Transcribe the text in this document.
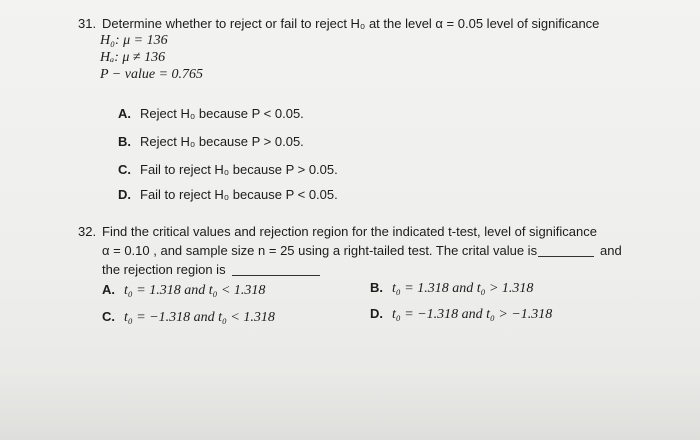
31. Determine whether to reject or fail to reject H₀ at the level α = 0.05 level of significance
H₀: μ = 136
Hₐ: μ ≠ 136
P − value = 0.765
A. Reject H₀ because P < 0.05.
B. Reject H₀ because P > 0.05.
C. Fail to reject H₀ because P > 0.05.
D. Fail to reject H₀ because P < 0.05.
32. Find the critical values and rejection region for the indicated t-test, level of significance
α = 0.10 , and sample size n = 25 using a right-tailed test. The crital value is	and
the rejection region is
A. t₀ = 1.318 and t₀ < 1.318	B. t₀ = 1.318 and t₀ > 1.318
C. t₀ = −1.318 and t₀ < 1.318	D. t₀ = −1.318 and t₀ > −1.318
